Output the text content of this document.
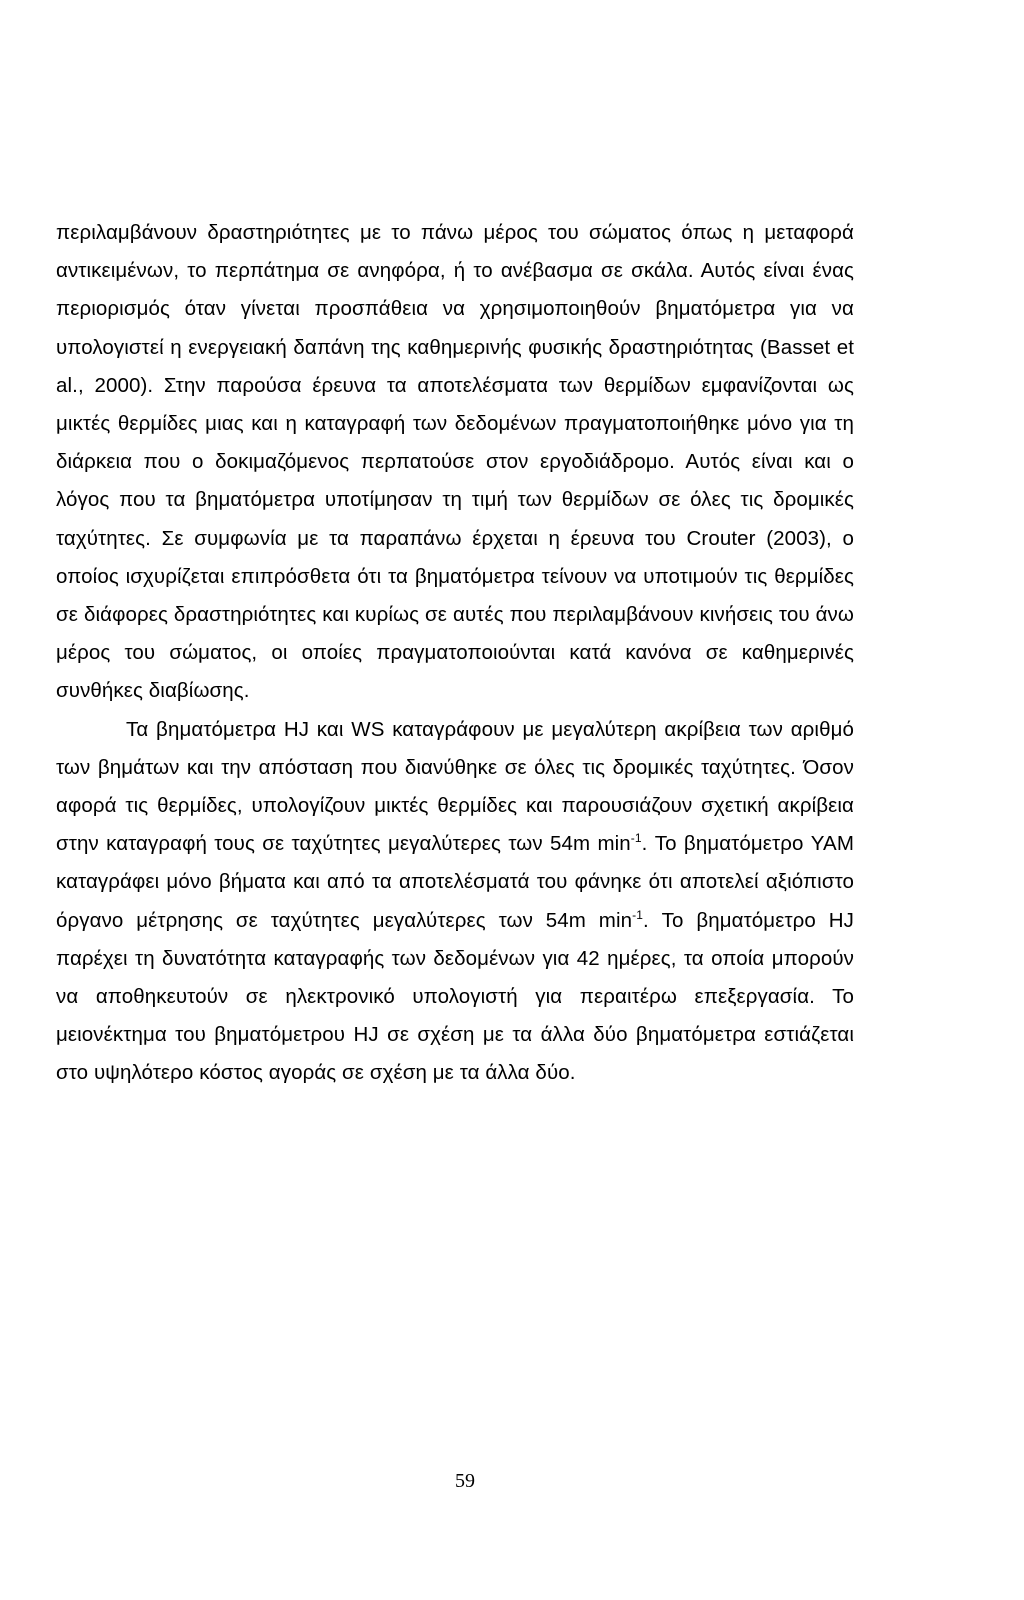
περιλαμβάνουν δραστηριότητες με το πάνω μέρος του σώματος όπως η μεταφορά αντικειμένων, το περπάτημα σε ανηφόρα, ή το ανέβασμα σε σκάλα. Αυτός είναι ένας περιορισμός όταν γίνεται προσπάθεια να χρησιμοποιηθούν βηματόμετρα για να υπολογιστεί η ενεργειακή δαπάνη της καθημερινής φυσικής δραστηριότητας (Basset et al., 2000). Στην παρούσα έρευνα τα αποτελέσματα των θερμίδων εμφανίζονται ως μικτές θερμίδες μιας και η καταγραφή των δεδομένων πραγματοποιήθηκε μόνο για τη διάρκεια που ο δοκιμαζόμενος περπατούσε στον εργοδιάδρομο. Αυτός είναι και ο λόγος που τα βηματόμετρα υποτίμησαν τη τιμή των θερμίδων σε όλες τις δρομικές ταχύτητες. Σε συμφωνία με τα παραπάνω έρχεται η έρευνα του Crouter (2003), ο οποίος ισχυρίζεται επιπρόσθετα ότι τα βηματόμετρα τείνουν να υποτιμούν τις θερμίδες σε διάφορες δραστηριότητες και κυρίως σε αυτές που περιλαμβάνουν κινήσεις του άνω μέρος του σώματος, οι οποίες πραγματοποιούνται κατά κανόνα σε καθημερινές συνθήκες διαβίωσης.

Τα βηματόμετρα HJ και WS καταγράφουν με μεγαλύτερη ακρίβεια των αριθμό των βημάτων και την απόσταση που διανύθηκε σε όλες τις δρομικές ταχύτητες. Όσον αφορά τις θερμίδες, υπολογίζουν μικτές θερμίδες και παρουσιάζουν σχετική ακρίβεια στην καταγραφή τους σε ταχύτητες μεγαλύτερες των 54m $\min^{-1}$. Το βηματόμετρο YAM καταγράφει μόνο βήματα και από τα αποτελέσματά του φάνηκε ότι αποτελεί αξιόπιστο όργανο μέτρησης σε ταχύτητες μεγαλύτερες των 54m $\min^{-1}$. Το βηματόμετρο HJ παρέχει τη δυνατότητα καταγραφής των δεδομένων για 42 ημέρες, τα οποία μπορούν να αποθηκευτούν σε ηλεκτρονικό υπολογιστή για περαιτέρω επεξεργασία. Το μειονέκτημα του βηματόμετρου HJ σε σχέση με τα άλλα δύο βηματόμετρα εστιάζεται στο υψηλότερο κόστος αγοράς σε σχέση με τα άλλα δύο.

59
